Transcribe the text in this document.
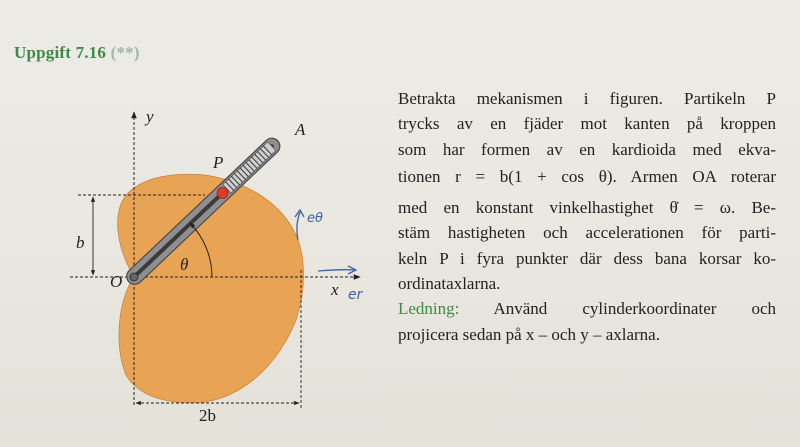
Uppgift 7.16 (**)
y
x
A
P
O
θ
b
2b
eθ
er
Betrakta mekanismen i figuren. Partikeln P
trycks av en fjäder mot kanten på kroppen
som har formen av en kardioida med ekva-
tionen r = b(1 + cos θ). Armen OA roterar
med en konstant vinkelhastighet θ̇ = ω. Be-
stäm hastigheten och accelerationen för parti-
keln P i fyra punkter där dess bana korsar ko-
ordinataxlarna.
Ledning: Använd cylinderkoordinater och
projicera sedan på x – och y – axlarna.
